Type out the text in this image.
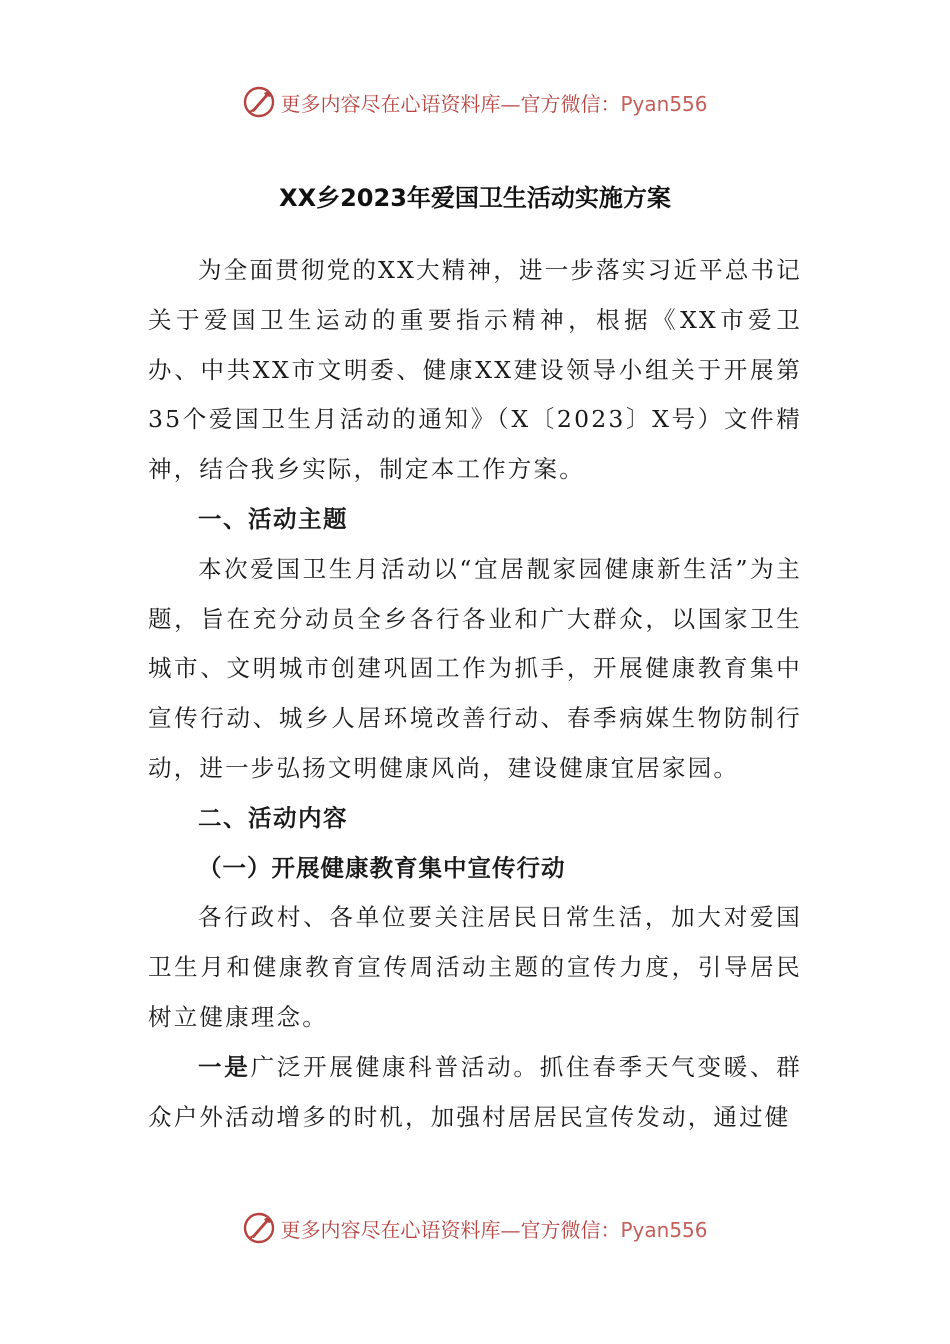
更多内容尽在心语资料库—官方微信：Pyan556
XX乡2023年爱国卫生活动实施方案

为全面贯彻党的XX大精神，进一步落实习近平总书记关于爱国卫生运动的重要指示精神，根据《XX市爱卫办、中共XX市文明委、健康XX建设领导小组关于开展第35个爱国卫生月活动的通知》（X〔2023〕X号）文件精神，结合我乡实际，制定本工作方案。

一、活动主题

本次爱国卫生月活动以“宜居靓家园健康新生活”为主题，旨在充分动员全乡各行各业和广大群众，以国家卫生城市、文明城市创建巩固工作为抓手，开展健康教育集中宣传行动、城乡人居环境改善行动、春季病媒生物防制行动，进一步弘扬文明健康风尚，建设健康宜居家园。

二、活动内容

（一）开展健康教育集中宣传行动

各行政村、各单位要关注居民日常生活，加大对爱国卫生月和健康教育宣传周活动主题的宣传力度，引导居民树立健康理念。

一是广泛开展健康科普活动。抓住春季天气变暖、群众户外活动增多的时机，加强村居居民宣传发动，通过健

更多内容尽在心语资料库—官方微信：Pyan556
